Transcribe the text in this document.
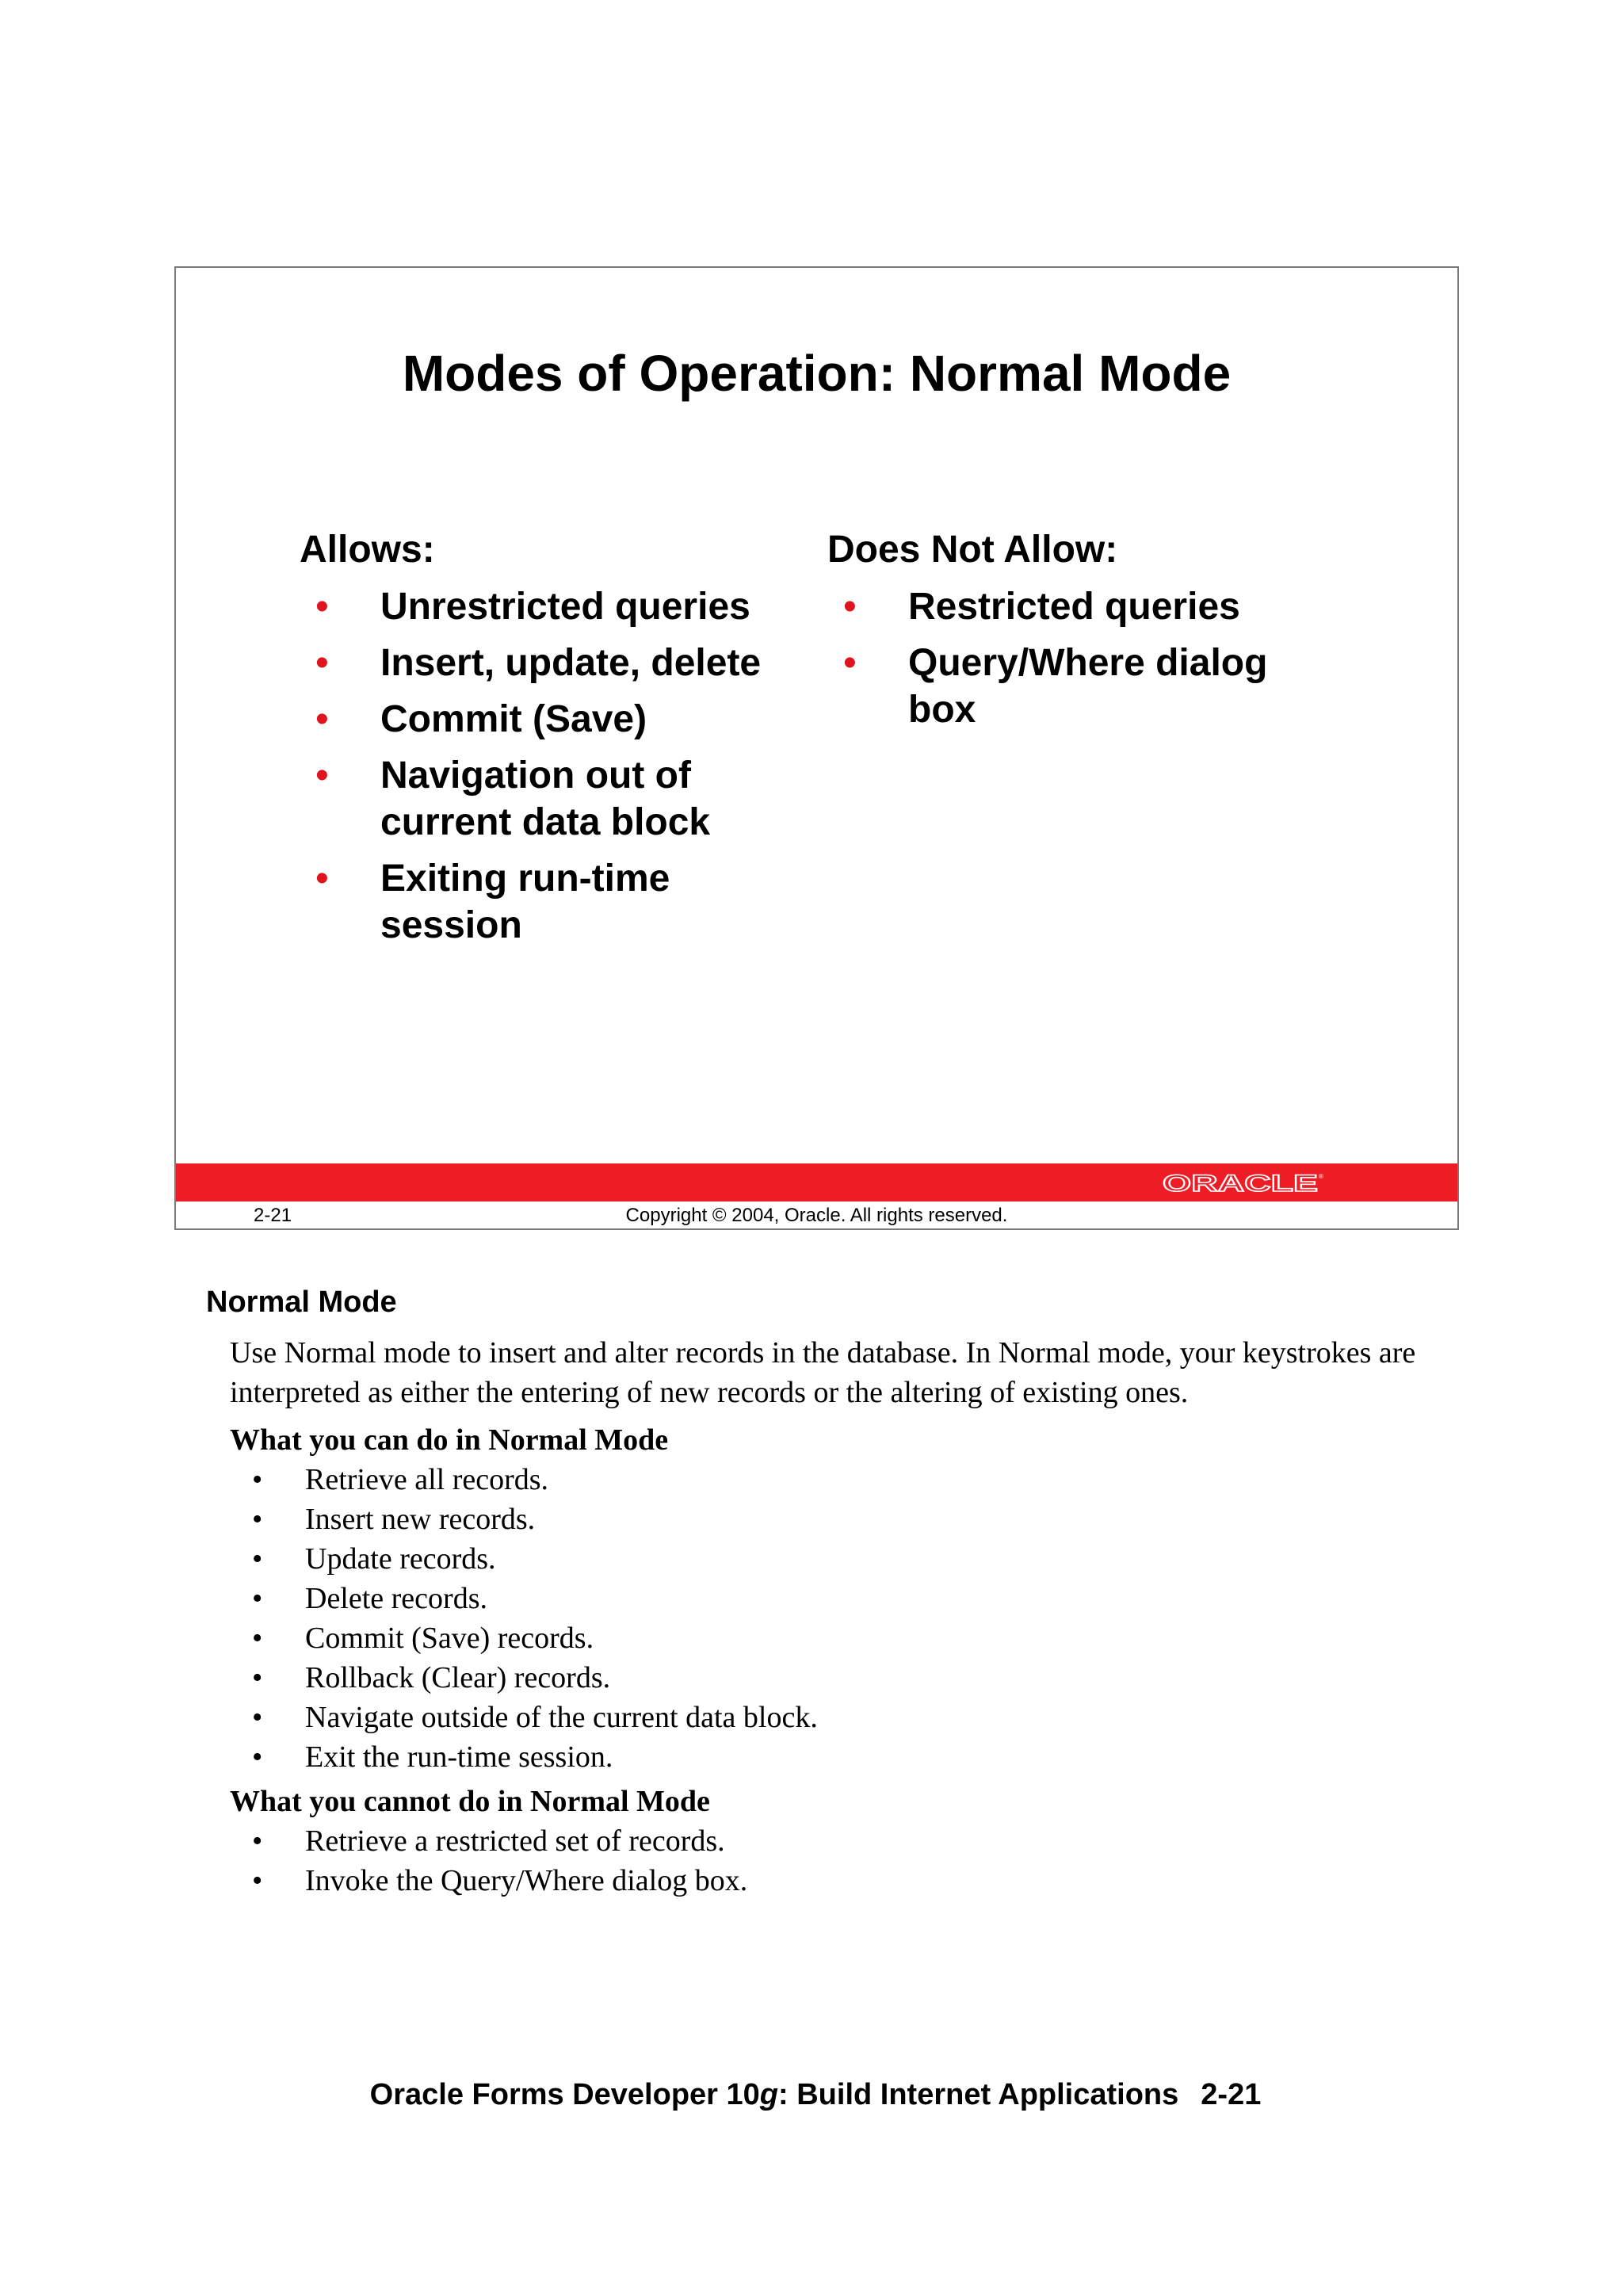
Modes of Operation: Normal Mode

Allows:

• Unrestricted queries
• Insert, update, delete
• Commit (Save)
• Navigation out of current data block
• Exiting run-time session

Does Not Allow:

• Restricted queries
• Query/Where dialog box
ORACLE ®
2-21	Copyright © 2004, Oracle. All rights reserved.
Normal Mode

Use Normal mode to insert and alter records in the database. In Normal mode, your keystrokes are interpreted as either the entering of new records or the altering of existing ones.

What you can do in Normal Mode

• Retrieve all records.
• Insert new records.
• Update records.
• Delete records.
• Commit (Save) records.
• Rollback (Clear) records.
• Navigate outside of the current data block.
• Exit the run-time session.

What you cannot do in Normal Mode

• Retrieve a restricted set of records.
• Invoke the Query/Where dialog box.
Oracle Forms Developer 10g: Build Internet Applications 2-21
